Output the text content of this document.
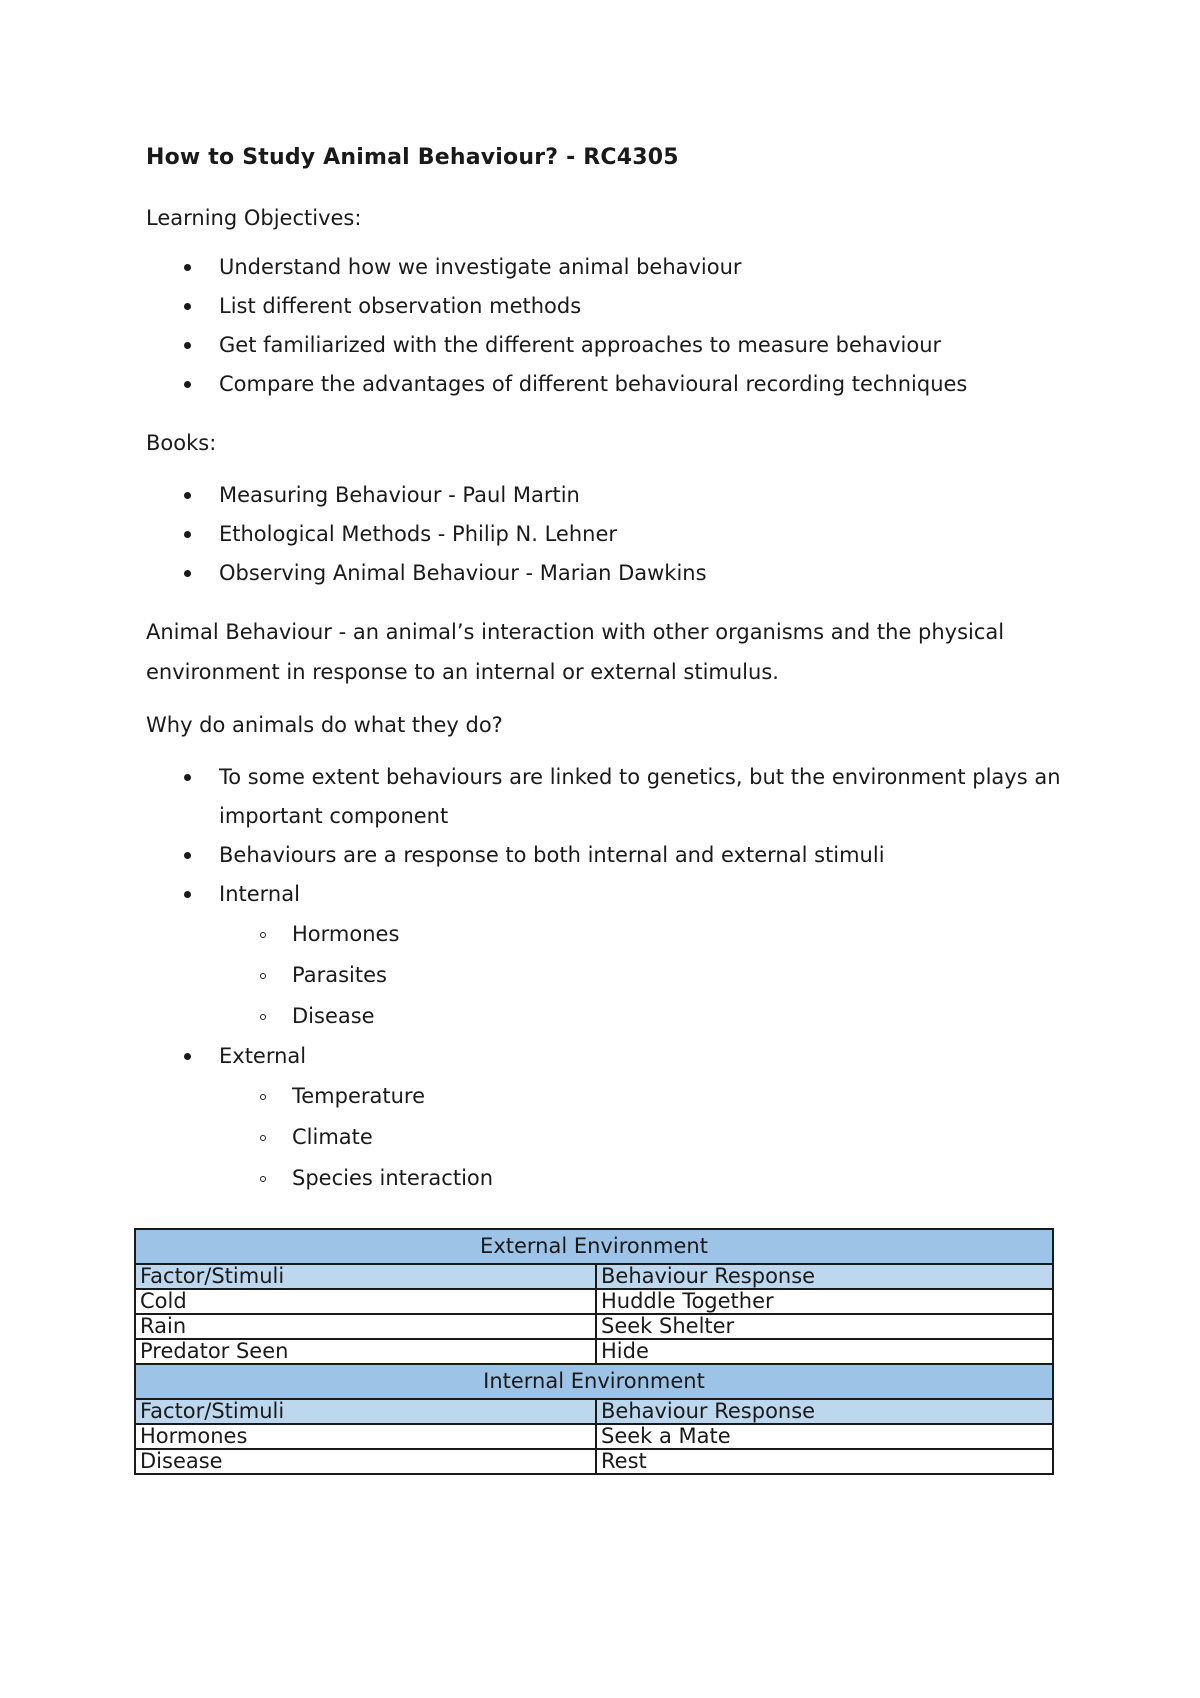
How to Study Animal Behaviour? - RC4305
Learning Objectives:
Understand how we investigate animal behaviour
List different observation methods
Get familiarized with the different approaches to measure behaviour
Compare the advantages of different behavioural recording techniques
Books:
Measuring Behaviour - Paul Martin
Ethological Methods - Philip N. Lehner
Observing Animal Behaviour - Marian Dawkins
Animal Behaviour - an animal’s interaction with other organisms and the physical environment in response to an internal or external stimulus.
Why do animals do what they do?
To some extent behaviours are linked to genetics, but the environment plays an important component
Behaviours are a response to both internal and external stimuli
Internal
Hormones
Parasites
Disease
External
Temperature
Climate
Species interaction
External Environment	
Factor/Stimuli	Behaviour Response
Cold	Huddle Together
Rain	Seek Shelter
Predator Seen	Hide
Internal Environment	
Factor/Stimuli	Behaviour Response
Hormones	Seek a Mate
Disease	Rest
